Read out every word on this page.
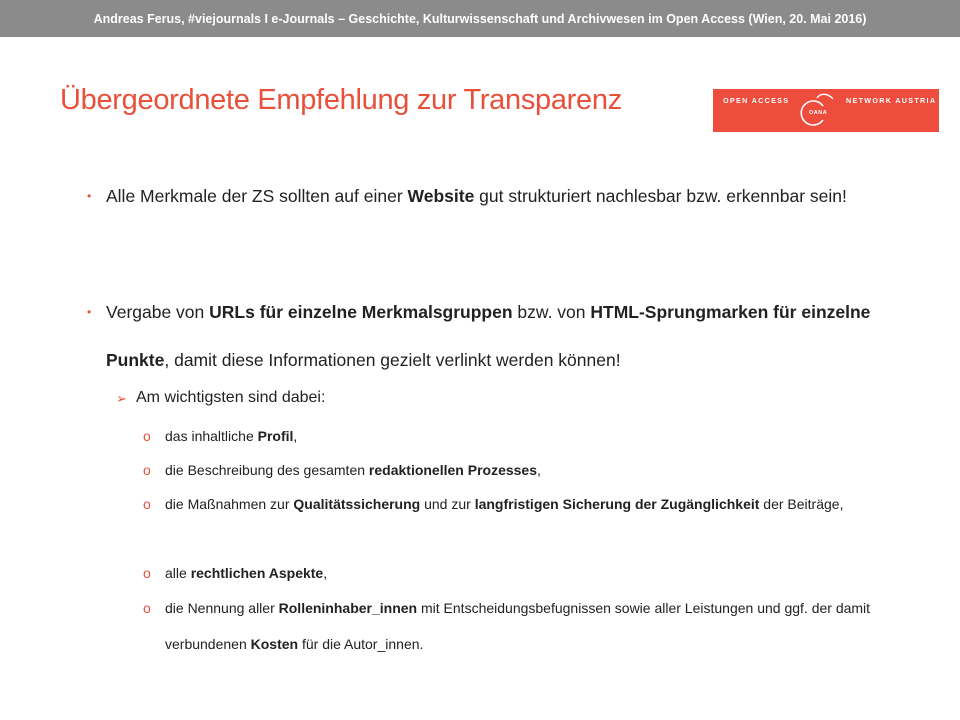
Andreas Ferus, #viejournals I e-Journals – Geschichte, Kulturwissenschaft und Archivwesen im Open Access (Wien, 20. Mai 2016)
Übergeordnete Empfehlung zur Transparenz	OPEN ACCESS	NETWORK AUSTRIA
OANA
• Alle Merkmale der ZS sollten auf einer Website gut strukturiert nachlesbar bzw. erkennbar sein!
• Vergabe von URLs für einzelne Merkmalsgruppen bzw. von HTML-Sprungmarken für einzelne Punkte, damit diese Informationen gezielt verlinkt werden können!
➢ Am wichtigsten sind dabei:
o das inhaltliche Profil,
o die Beschreibung des gesamten redaktionellen Prozesses,
o die Maßnahmen zur Qualitätssicherung und zur langfristigen Sicherung der Zugänglichkeit der Beiträge,
o alle rechtlichen Aspekte,
o die Nennung aller Rolleninhaber_innen mit Entscheidungsbefugnissen sowie aller Leistungen und ggf. der damit verbundenen Kosten für die Autor_innen.
